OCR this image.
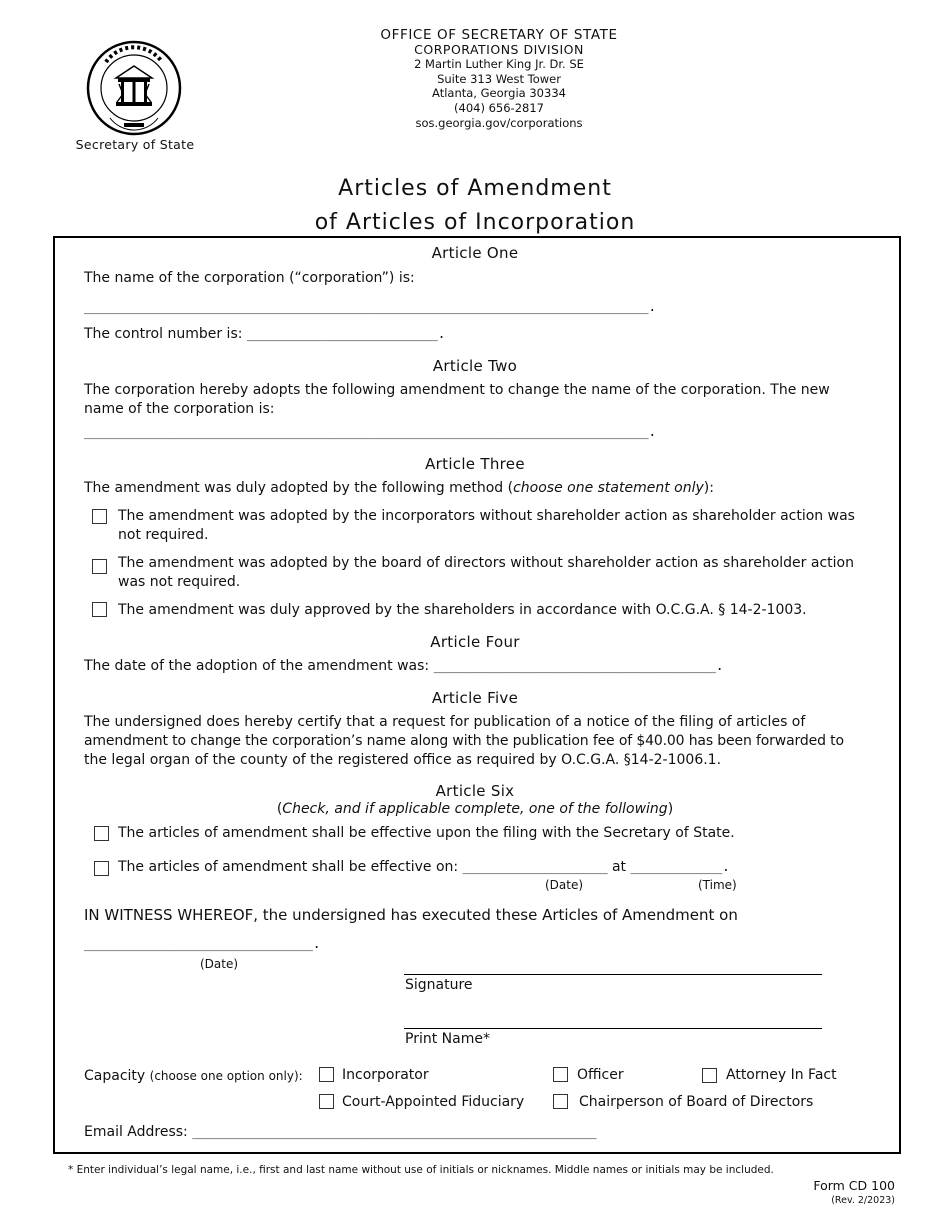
Secretary of State
OFFICE OF SECRETARY OF STATE
CORPORATIONS DIVISION
2 Martin Luther King Jr. Dr. SE
Suite 313 West Tower
Atlanta, Georgia 30334
(404) 656-2817
sos.georgia.gov/corporations
Articles of Amendment
of Articles of Incorporation
Article One
The name of the corporation (“corporation”) is:
__________________________________________________________________________.
The control number is: _________________________.
Article Two
The corporation hereby adopts the following amendment to change the name of the corporation. The new
name of the corporation is:
__________________________________________________________________________.
Article Three
The amendment was duly adopted by the following method (choose one statement only):
The amendment was adopted by the incorporators without shareholder action as shareholder action was
not required.
The amendment was adopted by the board of directors without shareholder action as shareholder action
was not required.
The amendment was duly approved by the shareholders in accordance with O.C.G.A. § 14-2-1003.
Article Four
The date of the adoption of the amendment was: _____________________________________.
Article Five
The undersigned does hereby certify that a request for publication of a notice of the filing of articles of
amendment to change the corporation’s name along with the publication fee of $40.00 has been forwarded to
the legal organ of the county of the registered office as required by O.C.G.A. §14-2-1006.1.
Article Six
(Check, and if applicable complete, one of the following)
The articles of amendment shall be effective upon the filing with the Secretary of State.
The articles of amendment shall be effective on: ___________________ at ____________.
(Date)	(Time)
IN WITNESS WHEREOF, the undersigned has executed these Articles of Amendment on
______________________________.
(Date)
Signature
Print Name*
Capacity (choose one option only):	Incorporator	Officer	Attorney In Fact
Court-Appointed Fiduciary	Chairperson of Board of Directors
Email Address: _____________________________________________________
* Enter individual’s legal name, i.e., first and last name without use of initials or nicknames. Middle names or initials may be included.
Form CD 100
(Rev. 2/2023)
